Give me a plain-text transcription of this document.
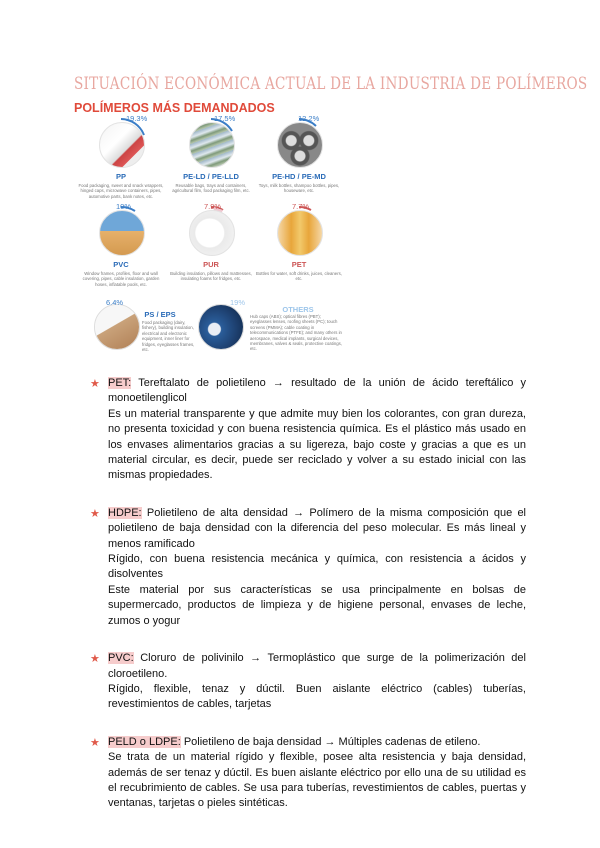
SITUACIÓN ECONÓMICA ACTUAL DE LA INDUSTRIA DE POLÍMEROS
POLÍMEROS MÁS DEMANDADOS
19.3%
PP
Food packaging, sweet and snack wrappers, hinged caps, microwave containers, pipes, automotive parts, bank notes, etc.
17.5%
PE-LD / PE-LLD
Reusable bags, trays and containers, agricultural film, food packaging film, etc.
12.2%
PE-HD / PE-MD
Toys, milk bottles, shampoo bottles, pipes, houseware, etc.
10%
PVC
Window frames, profiles, floor and wall covering, pipes, cable insulation, garden hoses, inflatable pools, etc.
7.9%
PUR
Building insulation, pillows and mattresses, insulating foams for fridges, etc.
7.7%
PET
Bottles for water, soft drinks, juices, cleaners, etc.
6.4%
PS / EPS
Food packaging (dairy, fishery), building insulation, electrical and electronic equipment, inner liner for fridges, eyeglasses frames, etc.
19%
OTHERS
Hub caps (ABS); optical fibres (PBT); eyeglasses lenses, roofing sheets (PC); touch screens (PMMA); cable coating in telecommunications (PTFE); and many others in aerospace, medical implants, surgical devices, membranes, valves & seals, protective coatings, etc.
★ PET: Tereftalato de polietileno → resultado de la unión de ácido tereftálico y monoetilenglicol

Es un material transparente y que admite muy bien los colorantes, con gran dureza, no presenta toxicidad y con buena resistencia química. Es el plástico más usado en los envases alimentarios gracias a su ligereza, bajo coste y gracias a que es un material circular, es decir, puede ser reciclado y volver a su estado inicial con las mismas propiedades.

★ HDPE: Polietileno de alta densidad → Polímero de la misma composición que el polietileno de baja densidad con la diferencia del peso molecular. Es más lineal y menos ramificado

Rígido, con buena resistencia mecánica y química, con resistencia a ácidos y disolventes

Este material por sus características se usa principalmente en bolsas de supermercado, productos de limpieza y de higiene personal, envases de leche, zumos o yogur

★ PVC: Cloruro de polivinilo → Termoplástico que surge de la polimerización del cloroetileno.

Rígido, flexible, tenaz y dúctil. Buen aislante eléctrico (cables) tuberías, revestimientos de cables, tarjetas

★ PELD o LDPE: Polietileno de baja densidad → Múltiples cadenas de etileno.

Se trata de un material rígido y flexible, posee alta resistencia y baja densidad, además de ser tenaz y dúctil. Es buen aislante eléctrico por ello una de su utilidad es el recubrimiento de cables. Se usa para tuberías, revestimientos de cables, puertas y ventanas, tarjetas o pieles sintéticas.
